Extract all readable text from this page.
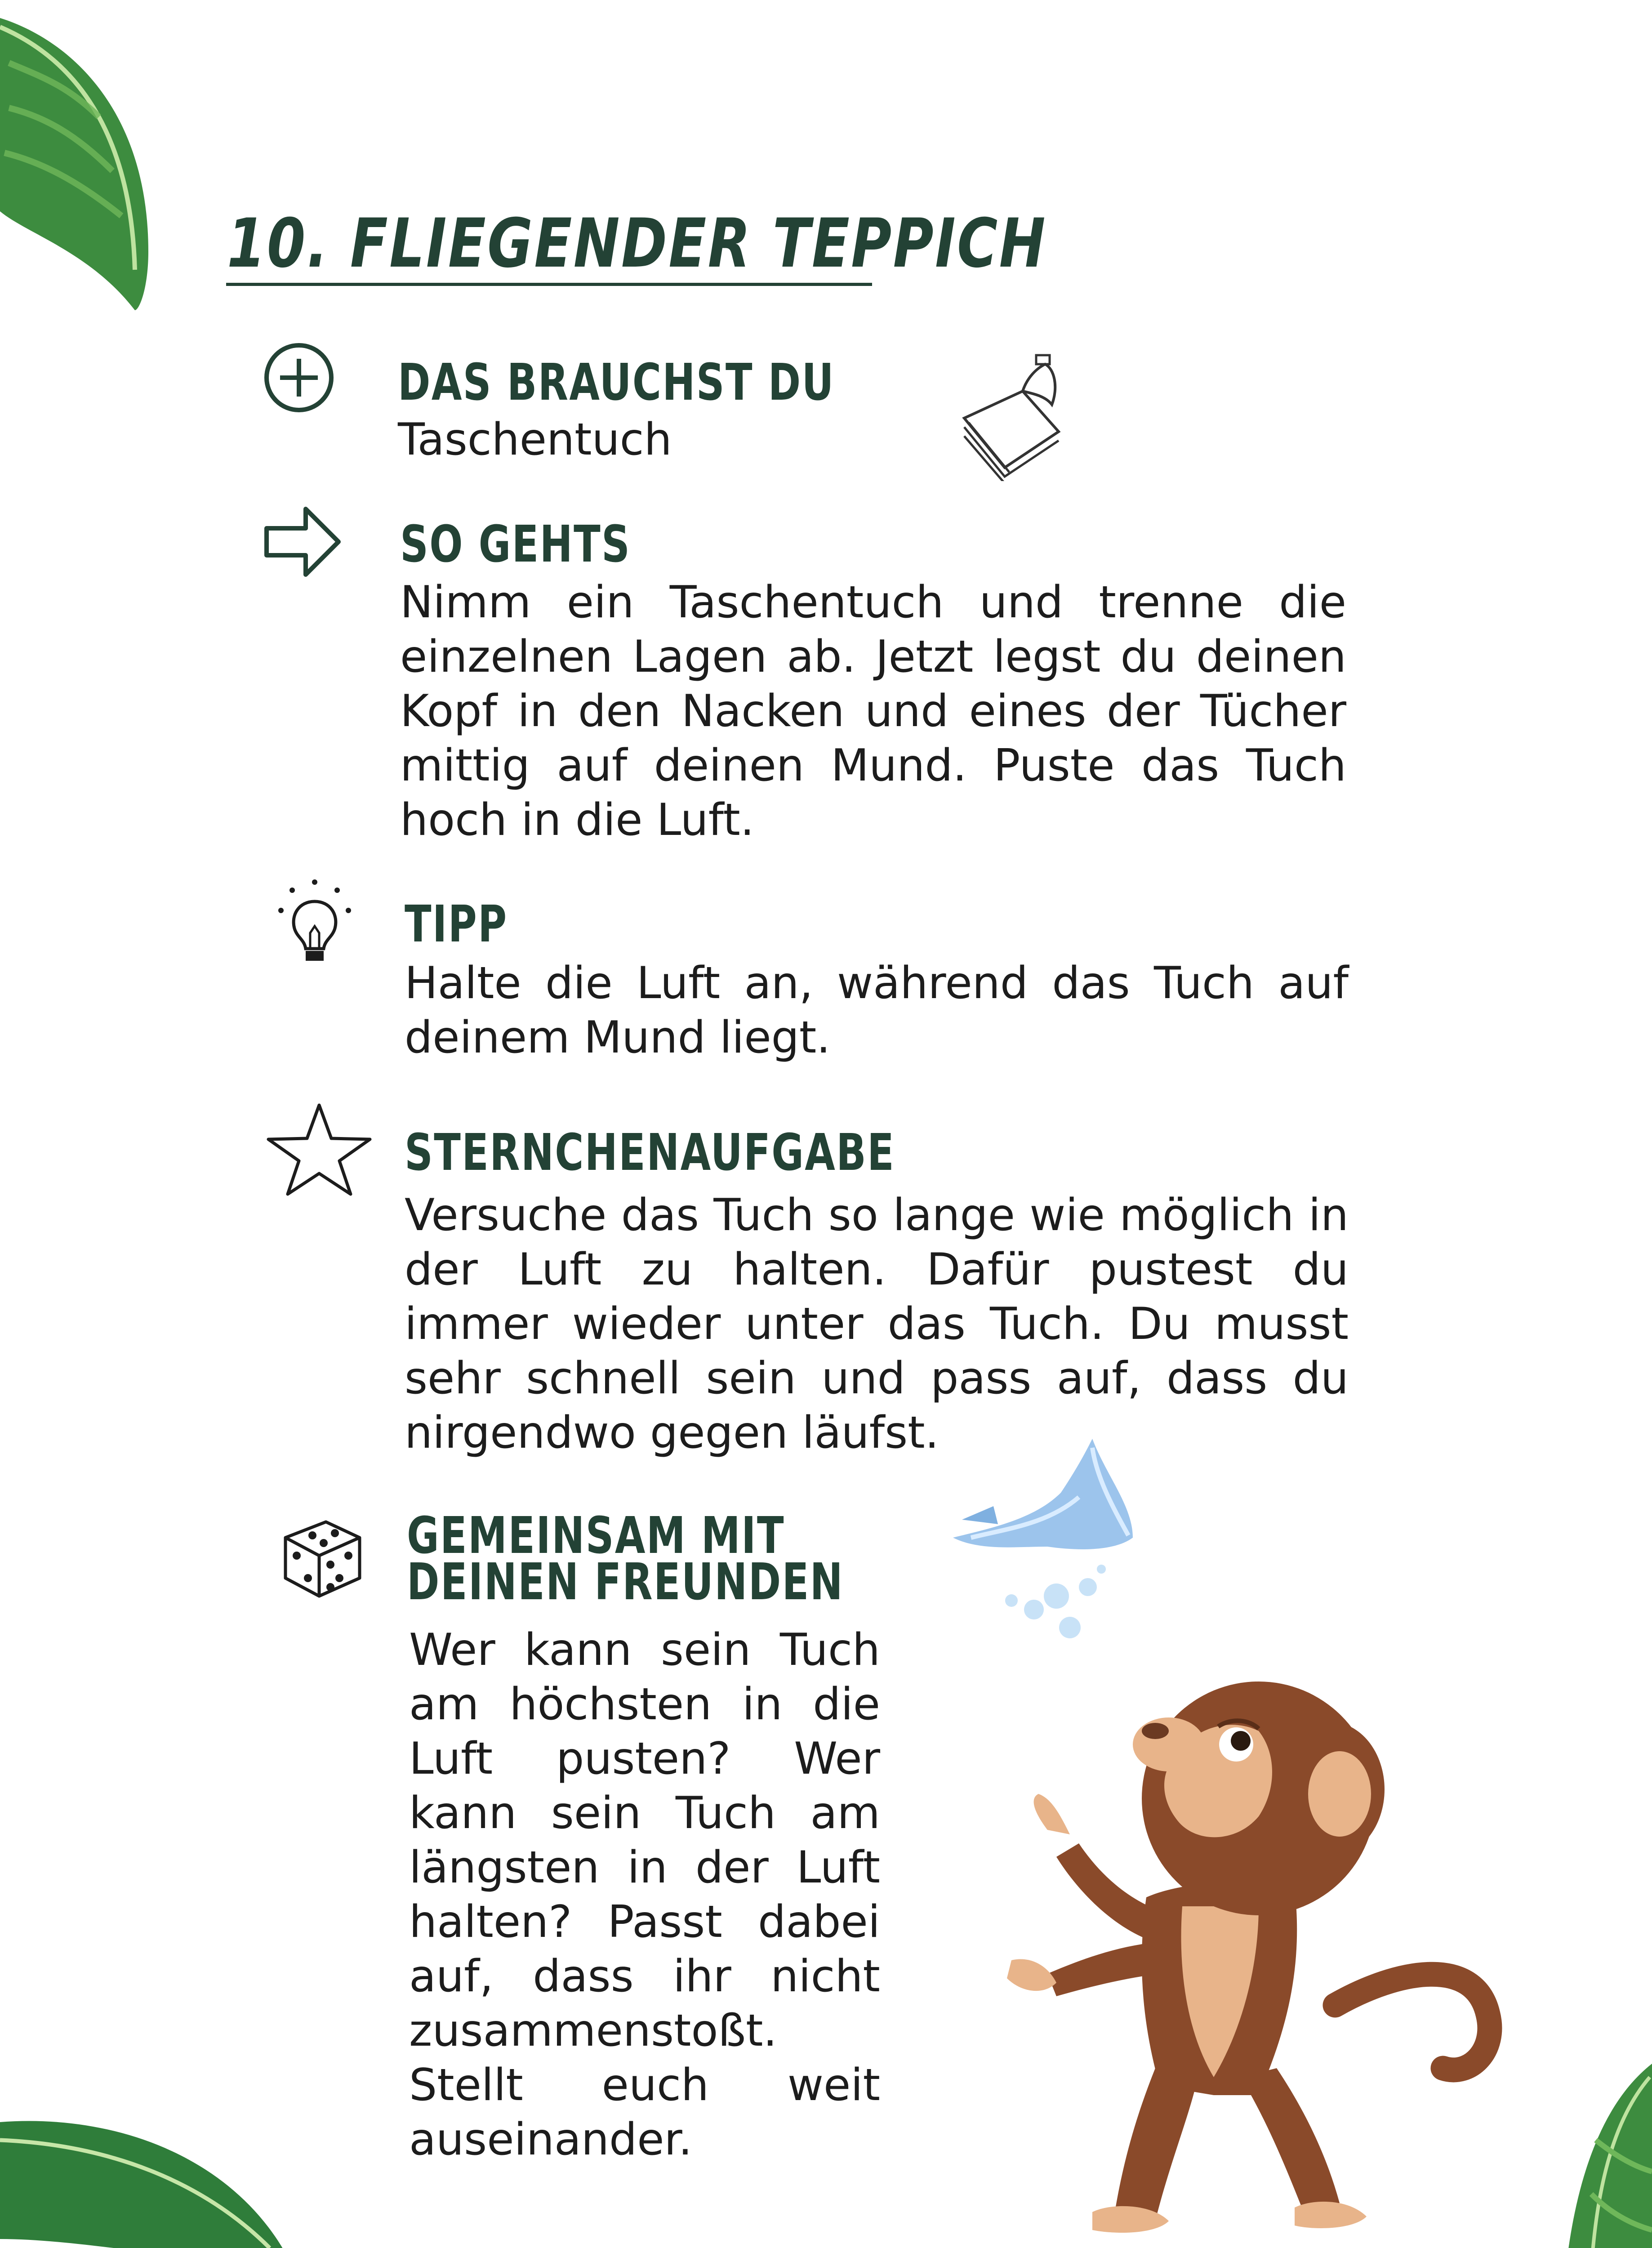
10. FLIEGENDER TEPPICH
DAS BRAUCHST DU
Taschentuch
SO GEHTS
Nimm ein Taschentuch und trenne die einzelnen Lagen ab. Jetzt legst du deinen Kopf in den Nacken und eines der Tücher mittig auf deinen Mund. Puste das Tuch hoch in die Luft.
TIPP
Halte die Luft an, während das Tuch auf deinem Mund liegt.
STERNCHENAUFGABE
Versuche das Tuch so lange wie möglich in der Luft zu halten. Dafür pustest du immer wieder unter das Tuch. Du musst sehr schnell sein und pass auf, dass du nirgendwo gegen läufst.
GEMEINSAM MIT
DEINEN FREUNDEN
Wer kann sein Tuch am höchsten in die Luft pusten? Wer kann sein Tuch am längsten in der Luft halten? Passt dabei auf, dass ihr nicht zusammenstoßt. Stellt euch weit auseinander.
